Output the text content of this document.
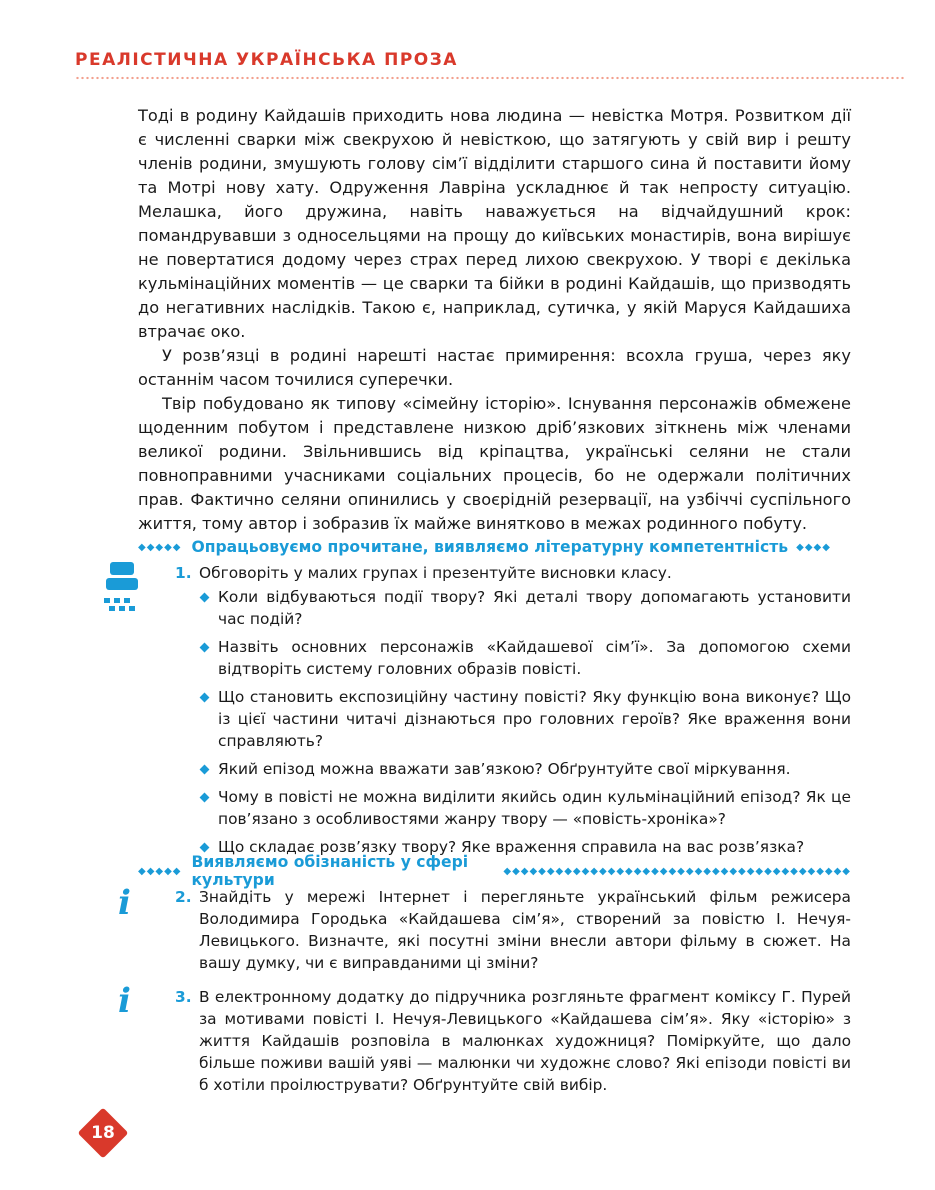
РЕАЛІСТИЧНА УКРАЇНСЬКА ПРОЗА

Тоді в родину Кайдашів приходить нова людина — невістка Мотря. Розвитком дії є численні сварки між свекрухою й невісткою, що затягують у свій вир і решту членів родини, змушують голову сім’ї відділити старшого сина й поставити йому та Мотрі нову хату. Одруження Лавріна ускладнює й так непросту ситуацію. Мелашка, його дружина, навіть наважується на відчайдушний крок: помандрувавши з односельцями на прощу до київських монастирів, вона вирішує не повертатися додому через страх перед лихою свекрухою. У творі є декілька кульмінаційних моментів — це сварки та бійки в родині Кайдашів, що призводять до негативних наслідків. Такою є, наприклад, сутичка, у якій Маруся Кайдашиха втрачає око.

У розв’язці в родині нарешті настає примирення: всохла груша, через яку останнім часом точилися суперечки.

Твір побудовано як типову «сімейну історію». Існування персонажів обмежене щоденним побутом і представлене низкою дріб’язкових зіткнень між членами великої родини. Звільнившись від кріпацтва, українські селяни не стали повноправними учасниками соціальних процесів, бо не одержали політичних прав. Фактично селяни опинились у своєрідній резервації, на узбіччі суспільного життя, тому автор і зобразив їх майже винятково в межах родинного побуту.

◆◆◆◆◆ Опрацьовуємо прочитане, виявляємо літературну компетентність ◆◆◆◆
1. Обговоріть у малих групах і презентуйте висновки класу.
Коли відбуваються події твору? Які деталі твору допомагають установити час подій?
Назвіть основних персонажів «Кайдашевої сім’ї». За допомогою схеми відтворіть систему головних образів повісті.
Що становить експозиційну частину повісті? Яку функцію вона виконує? Що із цієї частини читачі дізнаються про головних героїв? Яке враження вони справляють?
Який епізод можна вважати зав’язкою? Обґрунтуйте свої міркування.
Чому в повісті не можна виділити якийсь один кульмінаційний епізод? Як це пов’язано з особливостями жанру твору — «повість-хроніка»?
Що складає розв’язку твору? Яке враження справила на вас розв’язка?
◆◆◆◆◆ Виявляємо обізнаність у сфері культури	◆◆◆◆◆◆◆◆◆◆◆◆◆◆◆◆◆◆◆◆◆◆◆◆◆◆◆◆◆◆◆◆◆◆◆◆◆◆◆◆
i	2. Знайдіть у мережі Інтернет і перегляньте український фільм режисера Володимира Городька «Кайдашева сім’я», створений за повістю І. Нечуя-Левицького. Визначте, які посутні зміни внесли автори фільму в сюжет. На вашу думку, чи є виправданими ці зміни?
i	3. В електронному додатку до підручника розгляньте фрагмент коміксу Г. Пурей за мотивами повісті І. Нечуя-Левицького «Кайдашева сім’я». Яку «історію» з життя Кайдашів розповіла в малюнках художниця? Поміркуйте, що дало більше поживи вашій уяві — малюнки чи художнє слово? Які епізоди повісті ви б хотіли проілюструвати? Обґрунтуйте свій вибір.
18
